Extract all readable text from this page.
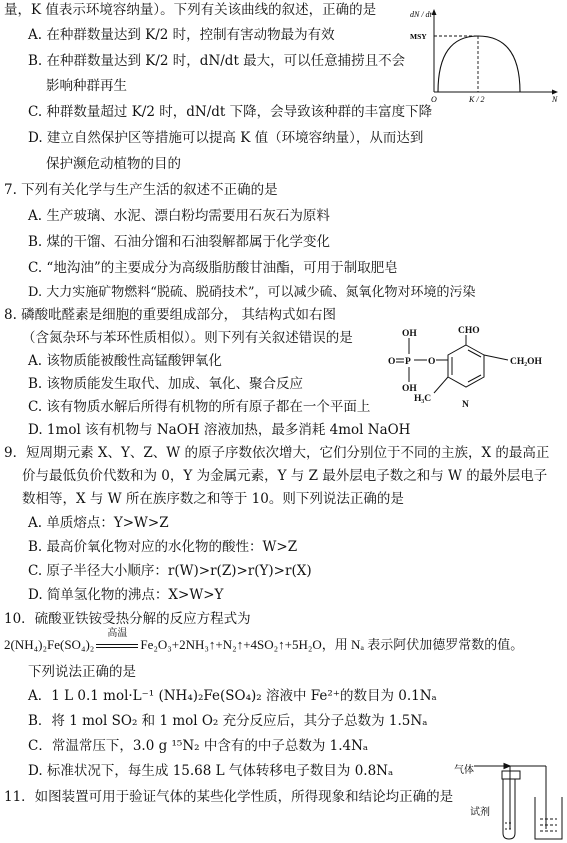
量，K 值表示环境容纳量）。下列有关该曲线的叙述，正确的是
A. 在种群数量达到 K/2 时，控制有害动物最为有效
B. 在种群数量达到 K/2 时，dN/dt 最大，可以任意捕捞且不会
影响种群再生
C. 种群数量超过 K/2 时，dN/dt 下降，会导致该种群的丰富度下降
D. 建立自然保护区等措施可以提高 K 值（环境容纳量），从而达到
保护濒危动植物的目的
dN / dt
MSY
O	K / 2	N
7. 下列有关化学与生产生活的叙述不正确的是
A. 生产玻璃、水泥、漂白粉均需要用石灰石为原料
B. 煤的干馏、石油分馏和石油裂解都属于化学变化
C. “地沟油”的主要成分为高级脂肪酸甘油酯，可用于制取肥皂
D. 大力实施矿物燃料“脱硫、脱硝技术”，可以减少硫、氮氧化物对环境的污染
8. 磷酸吡醛素是细胞的重要组成部分， 其结构式如右图
（含氮杂环与苯环性质相似）。则下列有关叙述错误的是
A. 该物质能被酸性高锰酸钾氧化
B. 该物质能发生取代、加成、氧化、聚合反应
C. 该有物质水解后所得有机物的所有原子都在一个平面上
D. 1mol 该有机物与 NaOH 溶液加热，最多消耗 4mol NaOH
OH
O P O
OH
CHO
CH₂OH
H₃C
N
9．短周期元素 X、Y、Z、W 的原子序数依次增大，它们分别位于不同的主族，X 的最高正
价与最低负价代数和为 0，Y 为金属元素，Y 与 Z 最外层电子数之和与 W 的最外层电子
数相等，X 与 W 所在族序数之和等于 10。则下列说法正确的是
A. 单质熔点：Y>W>Z
B. 最高价氧化物对应的水化物的酸性：W>Z
C. 原子半径大小顺序：r(W)>r(Z)>r(Y)>r(X)
D. 简单氢化物的沸点：X>W>Y
10．硫酸亚铁铵受热分解的反应方程式为
2(NH₄)₂Fe(SO₄)₂
高温
Fe₂O₃+2NH₃↑+N₂↑+4SO₂↑+5H₂O，用 Nₐ 表示阿伏加德罗常数的值。
下列说法正确的是
A．1 L 0.1 mol·L⁻¹ (NH₄)₂Fe(SO₄)₂ 溶液中 Fe²⁺的数目为 0.1Nₐ
B．将 1 mol SO₂ 和 1 mol O₂ 充分反应后，其分子总数为 1.5Nₐ
C．常温常压下，3.0 g ¹⁵N₂ 中含有的中子总数为 1.4Nₐ
D. 标准状况下，每生成 15.68 L 气体转移电子数目为 0.8Nₐ
11．如图装置可用于验证气体的某些化学性质，所得现象和结论均正确的是
气体
试剂
